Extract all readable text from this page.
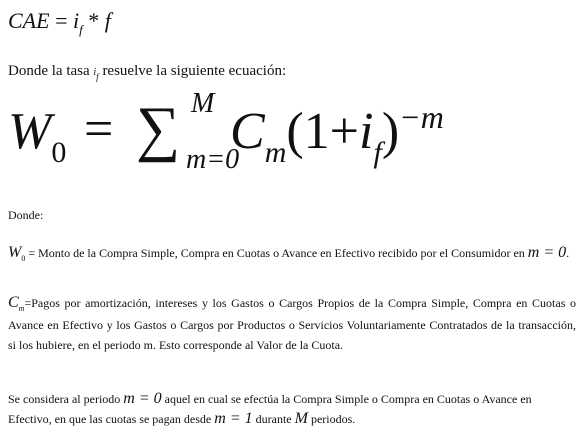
CAE = $i_f$ * f
Donde la tasa $i_f$ resuelve la siguiente ecuación:
$W_0$ = ∑ M
m=0
$C_m(1+i_f)^{-m}$
Donde:
$W_0$ = Monto de la Compra Simple, Compra en Cuotas o Avance en Efectivo recibido por el Consumidor en m = 0.
$C_m=Pagos$ por amortización, intereses y los Gastos o Cargos Propios de la Compra Simple, Compra en Cuotas o Avance en Efectivo y los Gastos o Cargos por Productos o Servicios Voluntariamente Contratados de la transacción, si los hubiere, en el periodo m. Esto corresponde al Valor de la Cuota.
Se considera al periodo m = 0 aquel en cual se efectúa la Compra Simple o Compra en Cuotas o Avance en Efectivo, en que las cuotas se pagan desde m = 1 durante M periodos.
